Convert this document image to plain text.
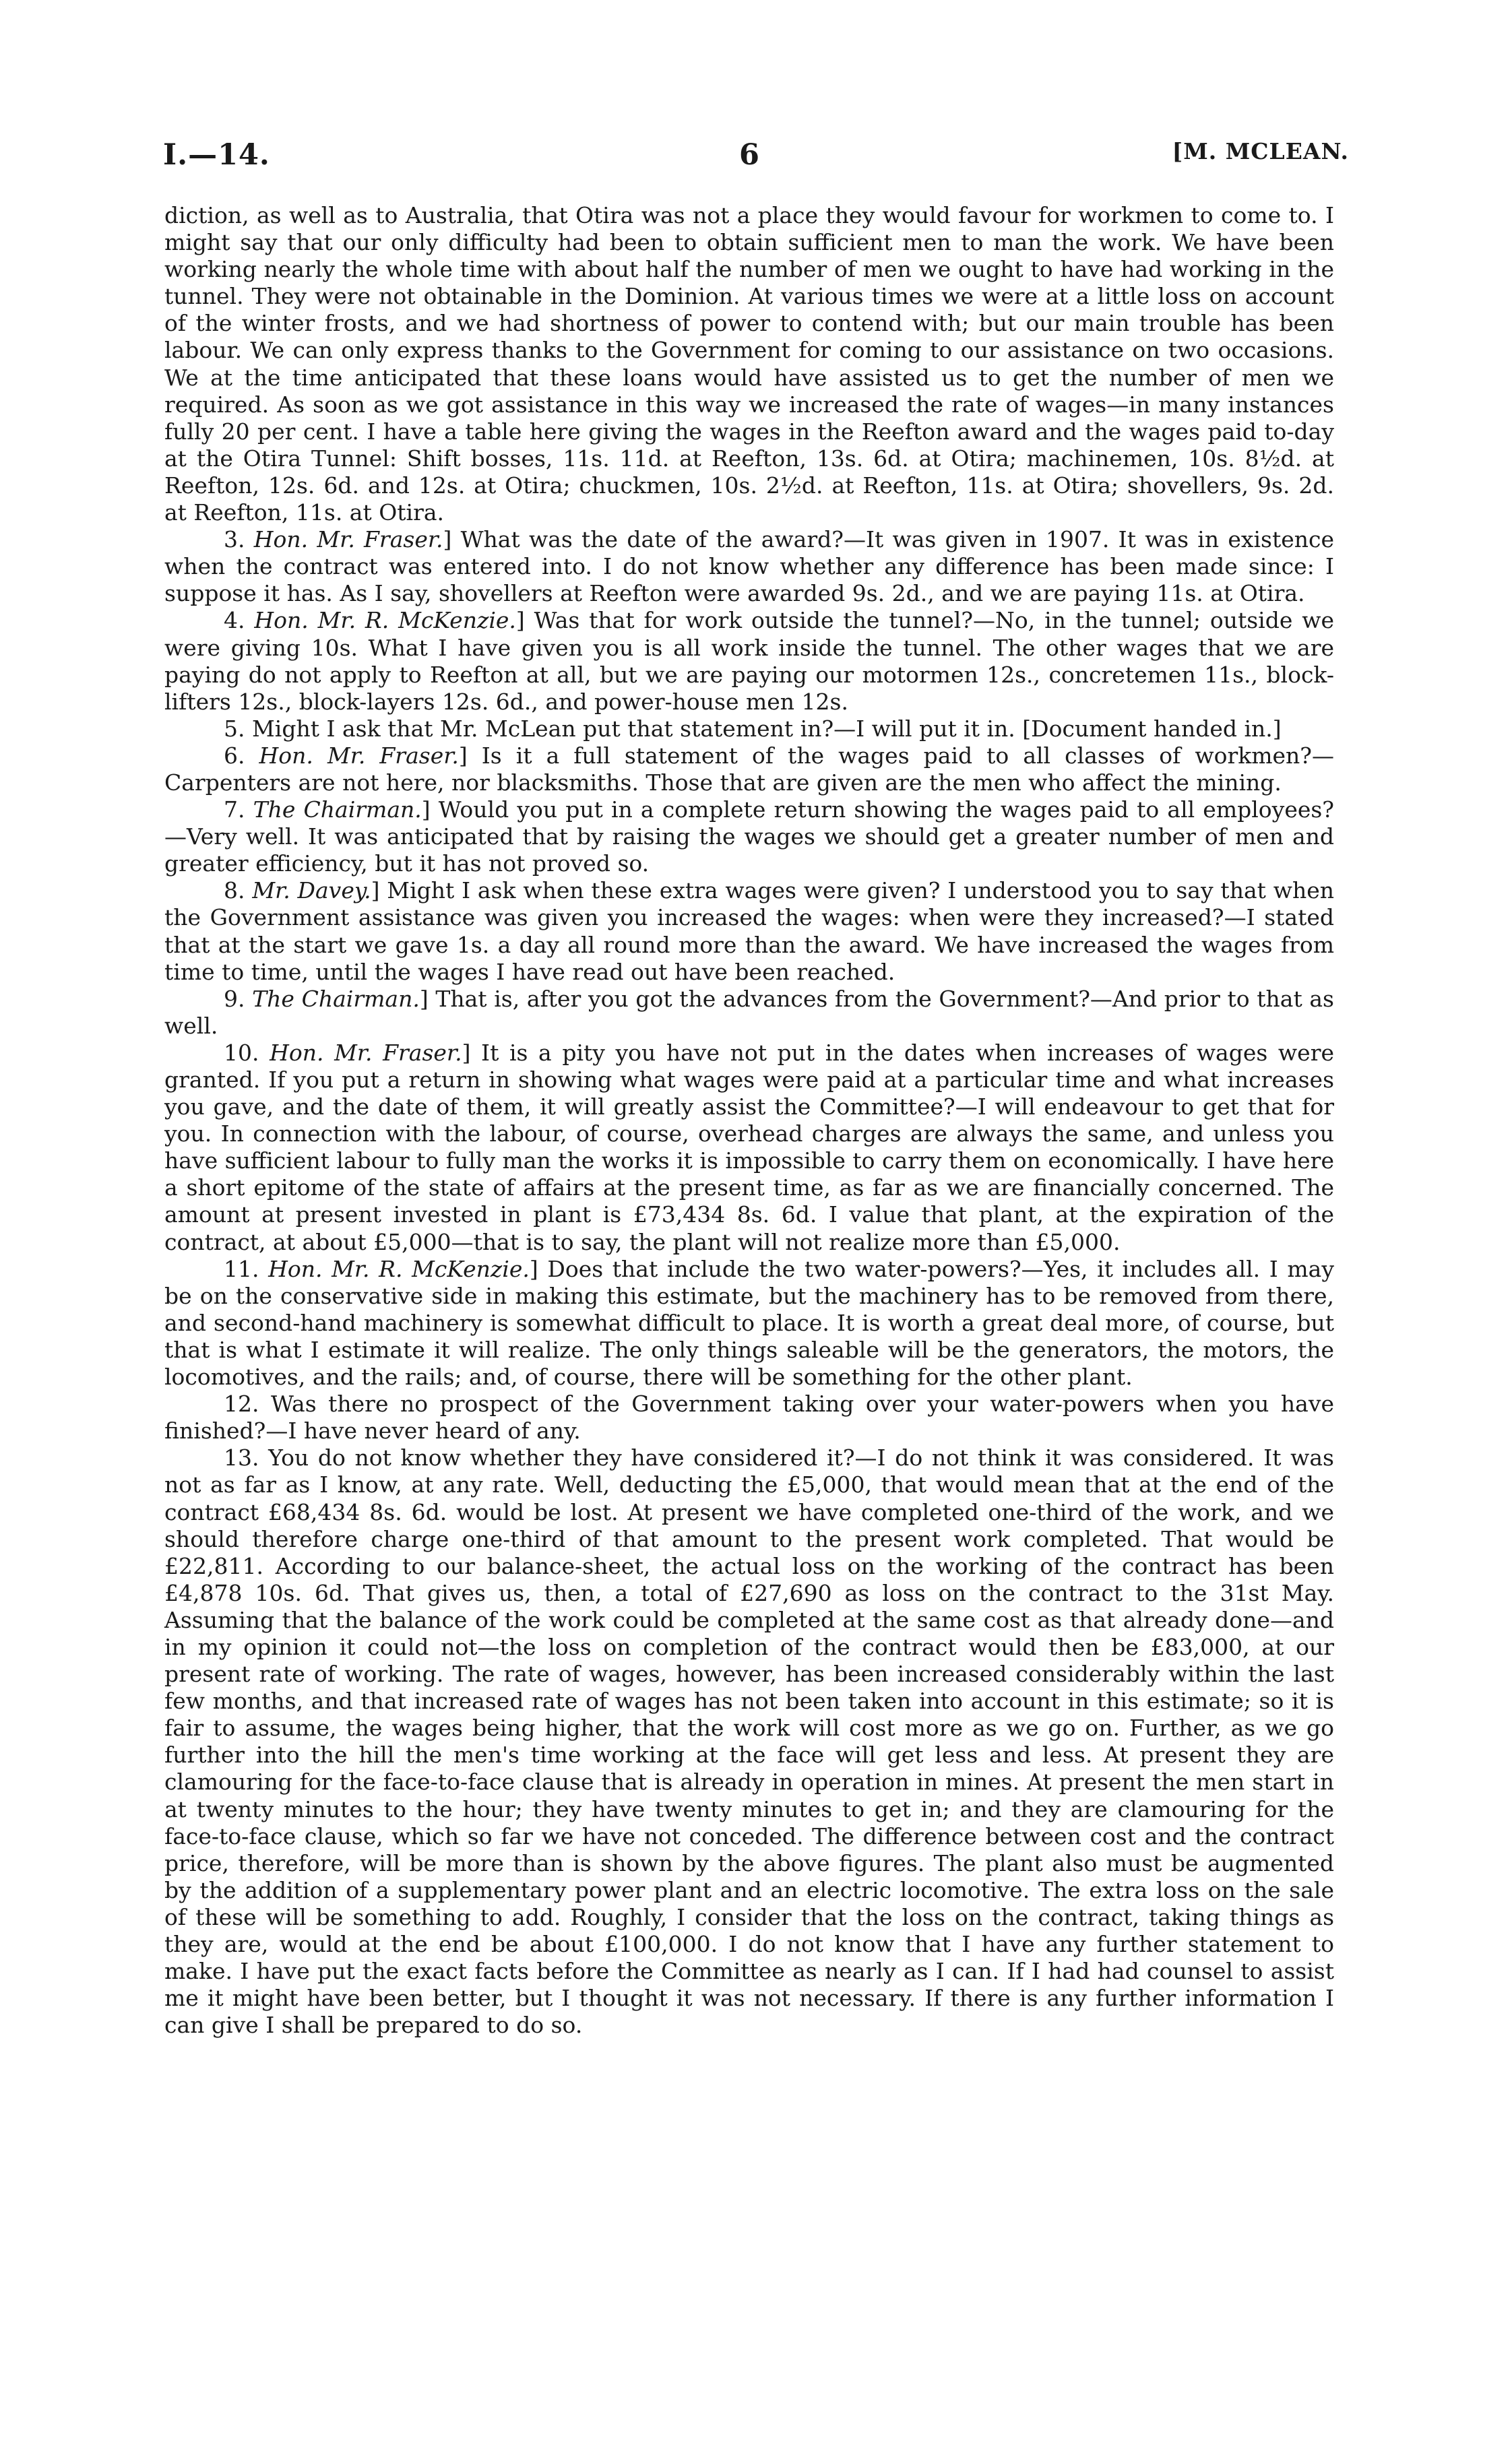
I.—14.	6	[M. MCLEAN.

diction, as well as to Australia, that Otira was not a place they would favour for workmen to come to. I might say that our only difficulty had been to obtain sufficient men to man the work. We have been working nearly the whole time with about half the number of men we ought to have had working in the tunnel. They were not obtainable in the Dominion. At various times we were at a little loss on account of the winter frosts, and we had shortness of power to contend with; but our main trouble has been labour. We can only express thanks to the Government for coming to our assistance on two occasions. We at the time anticipated that these loans would have assisted us to get the number of men we required. As soon as we got assistance in this way we increased the rate of wages—in many instances fully 20 per cent. I have a table here giving the wages in the Reefton award and the wages paid to-day at the Otira Tunnel: Shift bosses, 11s. 11d. at Reefton, 13s. 6d. at Otira; machinemen, 10s. 8½d. at Reefton, 12s. 6d. and 12s. at Otira; chuckmen, 10s. 2½d. at Reefton, 11s. at Otira; shovellers, 9s. 2d. at Reefton, 11s. at Otira.

3. Hon. Mr. Fraser.] What was the date of the award?—It was given in 1907. It was in existence when the contract was entered into. I do not know whether any difference has been made since: I suppose it has. As I say, shovellers at Reefton were awarded 9s. 2d., and we are paying 11s. at Otira.

4. Hon. Mr. R. McKenzie.] Was that for work outside the tunnel?—No, in the tunnel; outside we were giving 10s. What I have given you is all work inside the tunnel. The other wages that we are paying do not apply to Reefton at all, but we are paying our motormen 12s., concretemen 11s., block-lifters 12s., block-layers 12s. 6d., and power-house men 12s.

5. Might I ask that Mr. McLean put that statement in?—I will put it in. [Document handed in.]

6. Hon. Mr. Fraser.] Is it a full statement of the wages paid to all classes of workmen?—Carpenters are not here, nor blacksmiths. Those that are given are the men who affect the mining.

7. The Chairman.] Would you put in a complete return showing the wages paid to all employees?—Very well. It was anticipated that by raising the wages we should get a greater number of men and greater efficiency, but it has not proved so.

8. Mr. Davey.] Might I ask when these extra wages were given? I understood you to say that when the Government assistance was given you increased the wages: when were they increased?—I stated that at the start we gave 1s. a day all round more than the award. We have increased the wages from time to time, until the wages I have read out have been reached.

9. The Chairman.] That is, after you got the advances from the Government?—And prior to that as well.

10. Hon. Mr. Fraser.] It is a pity you have not put in the dates when increases of wages were granted. If you put a return in showing what wages were paid at a particular time and what increases you gave, and the date of them, it will greatly assist the Committee?—I will endeavour to get that for you. In connection with the labour, of course, overhead charges are always the same, and unless you have sufficient labour to fully man the works it is impossible to carry them on economically. I have here a short epitome of the state of affairs at the present time, as far as we are financially concerned. The amount at present invested in plant is £73,434 8s. 6d. I value that plant, at the expiration of the contract, at about £5,000—that is to say, the plant will not realize more than £5,000.

11. Hon. Mr. R. McKenzie.] Does that include the two water-powers?—Yes, it includes all. I may be on the conservative side in making this estimate, but the machinery has to be removed from there, and second-hand machinery is somewhat difficult to place. It is worth a great deal more, of course, but that is what I estimate it will realize. The only things saleable will be the generators, the motors, the locomotives, and the rails; and, of course, there will be something for the other plant.

12. Was there no prospect of the Government taking over your water-powers when you have finished?—I have never heard of any.

13. You do not know whether they have considered it?—I do not think it was considered. It was not as far as I know, at any rate. Well, deducting the £5,000, that would mean that at the end of the contract £68,434 8s. 6d. would be lost. At present we have completed one-third of the work, and we should therefore charge one-third of that amount to the present work completed. That would be £22,811. According to our balance-sheet, the actual loss on the working of the contract has been £4,878 10s. 6d. That gives us, then, a total of £27,690 as loss on the contract to the 31st May. Assuming that the balance of the work could be completed at the same cost as that already done—and in my opinion it could not—the loss on completion of the contract would then be £83,000, at our present rate of working. The rate of wages, however, has been increased considerably within the last few months, and that increased rate of wages has not been taken into account in this estimate; so it is fair to assume, the wages being higher, that the work will cost more as we go on. Further, as we go further into the hill the men's time working at the face will get less and less. At present they are clamouring for the face-to-face clause that is already in operation in mines. At present the men start in at twenty minutes to the hour; they have twenty minutes to get in; and they are clamouring for the face-to-face clause, which so far we have not conceded. The difference between cost and the contract price, therefore, will be more than is shown by the above figures. The plant also must be augmented by the addition of a supplementary power plant and an electric locomotive. The extra loss on the sale of these will be something to add. Roughly, I consider that the loss on the contract, taking things as they are, would at the end be about £100,000. I do not know that I have any further statement to make. I have put the exact facts before the Committee as nearly as I can. If I had had counsel to assist me it might have been better, but I thought it was not necessary. If there is any further information I can give I shall be prepared to do so.
